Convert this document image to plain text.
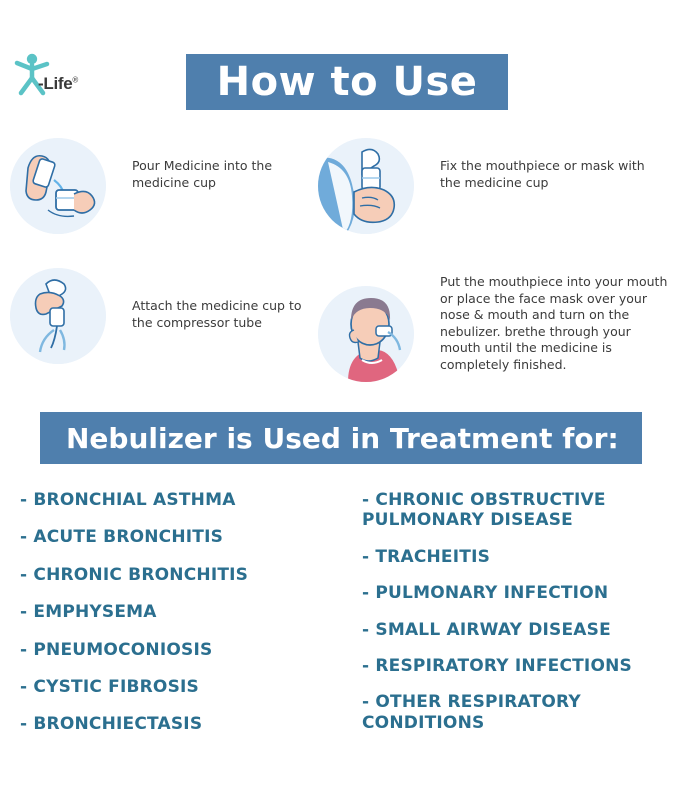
-Life®	How to Use
Pour Medicine into the medicine cup
Fix the mouthpiece or mask with the medicine cup
Attach the medicine cup to the compressor tube
Put the mouthpiece into your mouth or place the face mask over your nose & mouth and turn on the nebulizer. brethe through your mouth until the medicine is completely finished.
Nebulizer is Used in Treatment for:
- BRONCHIAL ASTHMA
- ACUTE BRONCHITIS
- CHRONIC BRONCHITIS
- EMPHYSEMA
- PNEUMOCONIOSIS
- CYSTIC FIBROSIS
- BRONCHIECTASIS
- CHRONIC OBSTRUCTIVE PULMONARY DISEASE
- TRACHEITIS
- PULMONARY INFECTION
- SMALL AIRWAY DISEASE
- RESPIRATORY INFECTIONS
- OTHER RESPIRATORY CONDITIONS
